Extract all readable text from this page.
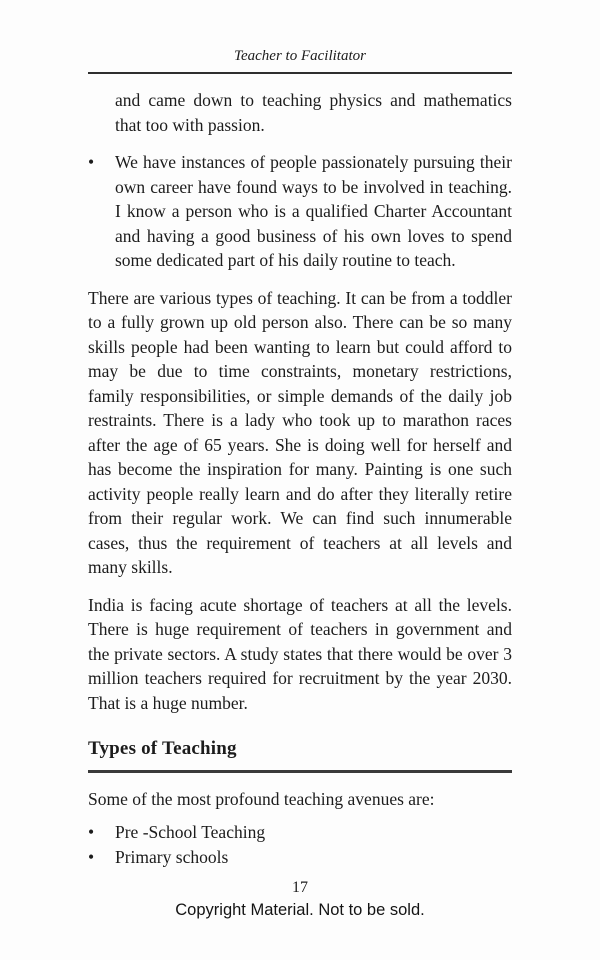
Teacher to Facilitator

and came down to teaching physics and mathematics that too with passion.

•
We have instances of people passionately pursuing their own career have found ways to be involved in teaching. I know a person who is a qualified Charter Accountant and having a good business of his own loves to spend some dedicated part of his daily routine to teach.

There are various types of teaching. It can be from a toddler to a fully grown up old person also. There can be so many skills people had been wanting to learn but could afford to may be due to time constraints, monetary restrictions, family responsibilities, or simple demands of the daily job restraints. There is a lady who took up to marathon races after the age of 65 years. She is doing well for herself and has become the inspiration for many. Painting is one such activity people really learn and do after they literally retire from their regular work. We can find such innumerable cases, thus the requirement of teachers at all levels and many skills.

India is facing acute shortage of teachers at all the levels. There is huge requirement of teachers in government and the private sectors. A study states that there would be over 3 million teachers required for recruitment by the year 2030. That is a huge number.

Types of Teaching

Some of the most profound teaching avenues are:

•
Pre -School Teaching
•
Primary schools
17
Copyright Material. Not to be sold.
